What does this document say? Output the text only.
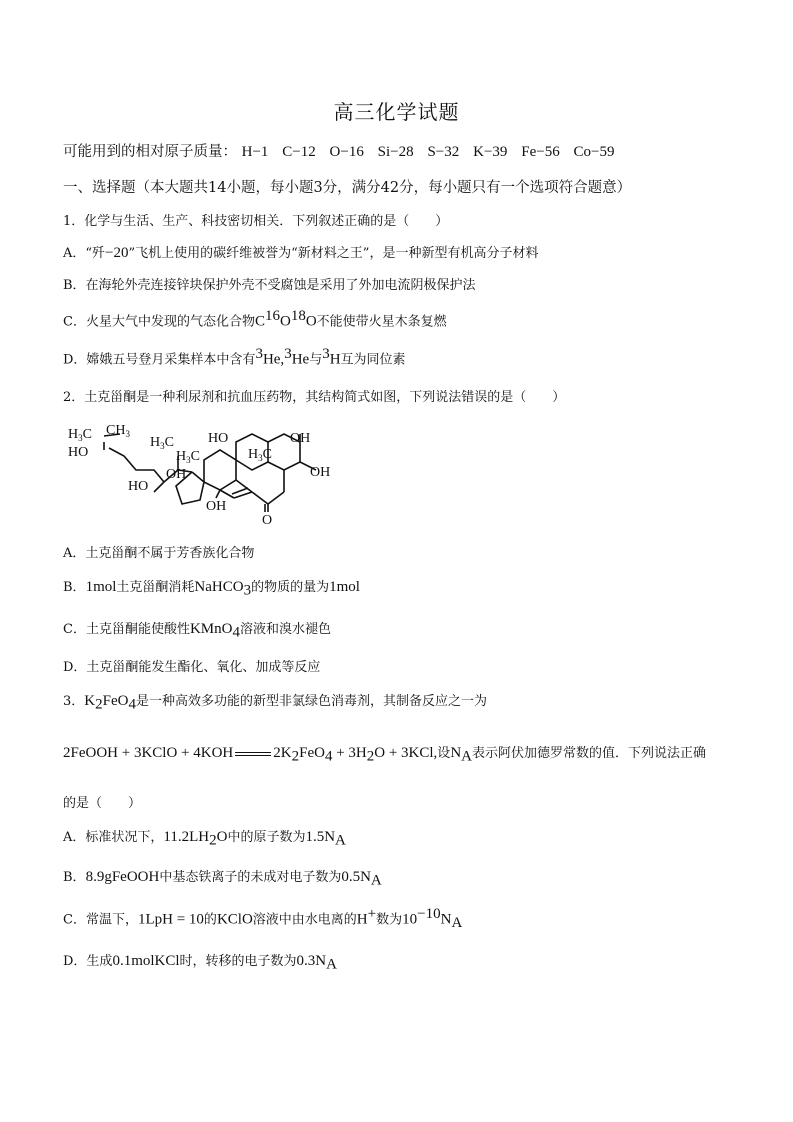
高三化学试题
可能用到的相对原子质量： H−1 C−12 O−16 Si−28 S−32 K−39 Fe−56 Co−59
一、选择题（本大题共14小题，每小题3分，满分42分，每小题只有一个选项符合题意）
1．化学与生活、生产、科技密切相关．下列叙述正确的是（　　）
A．“歼−20”飞机上使用的碳纤维被誉为“新材料之王”，是一种新型有机高分子材料
B．在海轮外壳连接锌块保护外壳不受腐蚀是采用了外加电流阴极保护法
C．火星大气中发现的气态化合物$C^{16}O^{18}O$不能使带火星木条复燃
D．嫦娥五号登月采集样本中含有$^3$He,$^3$He与$^3$H互为同位素
2．土克甾酮是一种利尿剂和抗血压药物，其结构简式如图，下列说法错误的是（　　）
$H_3C$ $CH_3$
HO
$H_3C$
$H_3C$
OH
HO
$H_3C$
OH
OH
HO
OH
O
A．土克甾酮不属于芳香族化合物
B．1mol土克甾酮消耗NaHCO$_3$的物质的量为1mol
C．土克甾酮能使酸性KMnO$_4$溶液和溴水褪色
D．土克甾酮能发生酯化、氧化、加成等反应
3．$K_2FeO_4$是一种高效多功能的新型非氯绿色消毒剂，其制备反应之一为
2FeOOH + 3KClO + 4KOH	$2K_2FeO_4 + 3H_2O + 3KCl$,设$N_A$表示阿伏加德罗常数的值．下列说法正确
的是（　　）
A．标准状况下，$11.2LH_2O$中的原子数为$1.5N_A$
B．8.9gFeOOH中基态铁离子的未成对电子数为$0.5N_A$
C．常温下，1LpH = 10的KClO溶液中由水电离的H+数为$10^{-10}N_A$
D．生成0.1molKCl时，转移的电子数为$0.3N_A$
